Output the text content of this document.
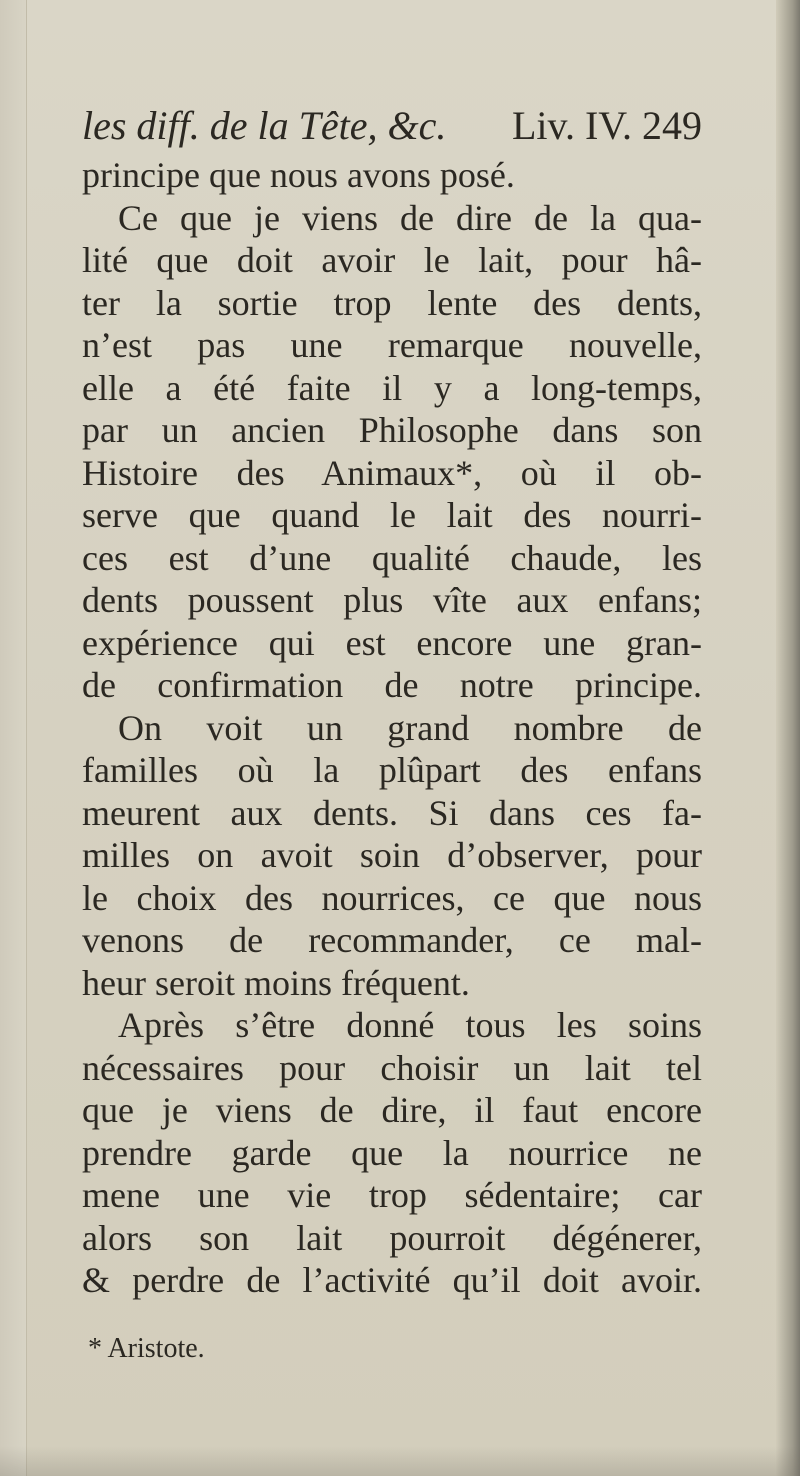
les diff. de la Tête, &c. Liv. IV. 249
principe que nous avons posé.
Ce que je viens de dire de la qua-
lité que doit avoir le lait, pour hâ-
ter la sortie trop lente des dents,
n’est pas une remarque nouvelle,
elle a été faite il y a long-temps,
par un ancien Philosophe dans son
Histoire des Animaux*, où il ob-
serve que quand le lait des nourri-
ces est d’une qualité chaude, les
dents poussent plus vîte aux enfans;
expérience qui est encore une gran-
de confirmation de notre principe.
On voit un grand nombre de
familles où la plûpart des enfans
meurent aux dents. Si dans ces fa-
milles on avoit soin d’observer, pour
le choix des nourrices, ce que nous
venons de recommander, ce mal-
heur seroit moins fréquent.
Après s’être donné tous les soins
nécessaires pour choisir un lait tel
que je viens de dire, il faut encore
prendre garde que la nourrice ne
mene une vie trop sédentaire; car
alors son lait pourroit dégénerer,
& perdre de l’activité qu’il doit avoir.
* Aristote.
